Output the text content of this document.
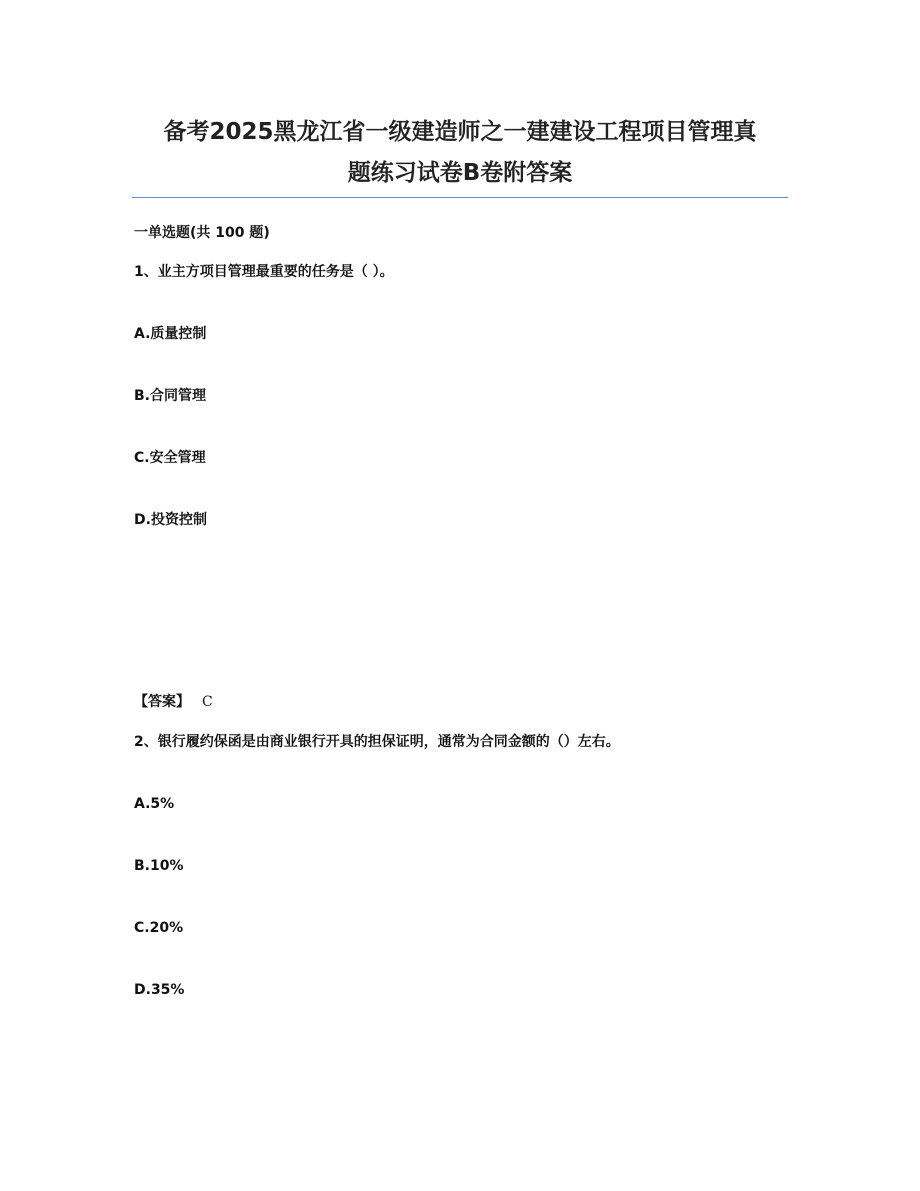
备考2025黑龙江省一级建造师之一建建设工程项目管理真
题练习试卷B卷附答案
一单选题(共 100 题)
1、业主方项目管理最重要的任务是（ ）。
A.质量控制
B.合同管理
C.安全管理
D.投资控制
【答案】 C
2、银行履约保函是由商业银行开具的担保证明，通常为合同金额的（）左右。
A.5%
B.10%
C.20%
D.35%
